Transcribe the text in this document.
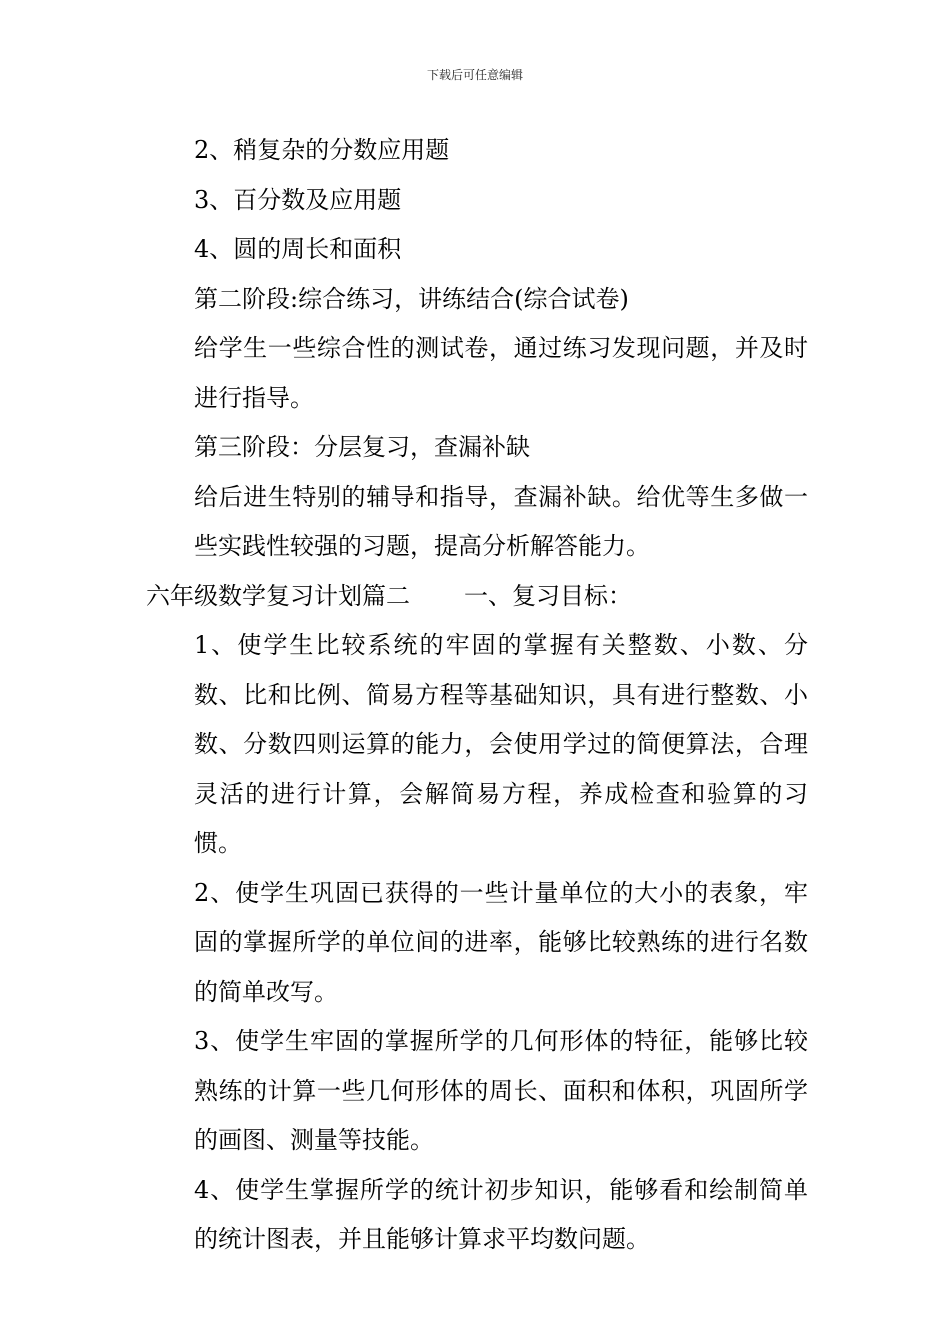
下载后可任意编辑

2、稍复杂的分数应用题

3、百分数及应用题

4、圆的周长和面积

第二阶段:综合练习，讲练结合(综合试卷)

给学生一些综合性的测试卷，通过练习发现问题，并及时进行指导。

第三阶段：分层复习，查漏补缺

给后进生特别的辅导和指导，查漏补缺。给优等生多做一些实践性较强的习题，提高分析解答能力。

六年级数学复习计划篇二 一、复习目标：

1、使学生比较系统的牢固的掌握有关整数、小数、分数、比和比例、简易方程等基础知识，具有进行整数、小数、分数四则运算的能力，会使用学过的简便算法，合理灵活的进行计算，会解简易方程，养成检查和验算的习惯。

2、使学生巩固已获得的一些计量单位的大小的表象，牢固的掌握所学的单位间的进率，能够比较熟练的进行名数的简单改写。

3、使学生牢固的掌握所学的几何形体的特征，能够比较熟练的计算一些几何形体的周长、面积和体积，巩固所学的画图、测量等技能。

4、使学生掌握所学的统计初步知识，能够看和绘制简单的统计图表，并且能够计算求平均数问题。
